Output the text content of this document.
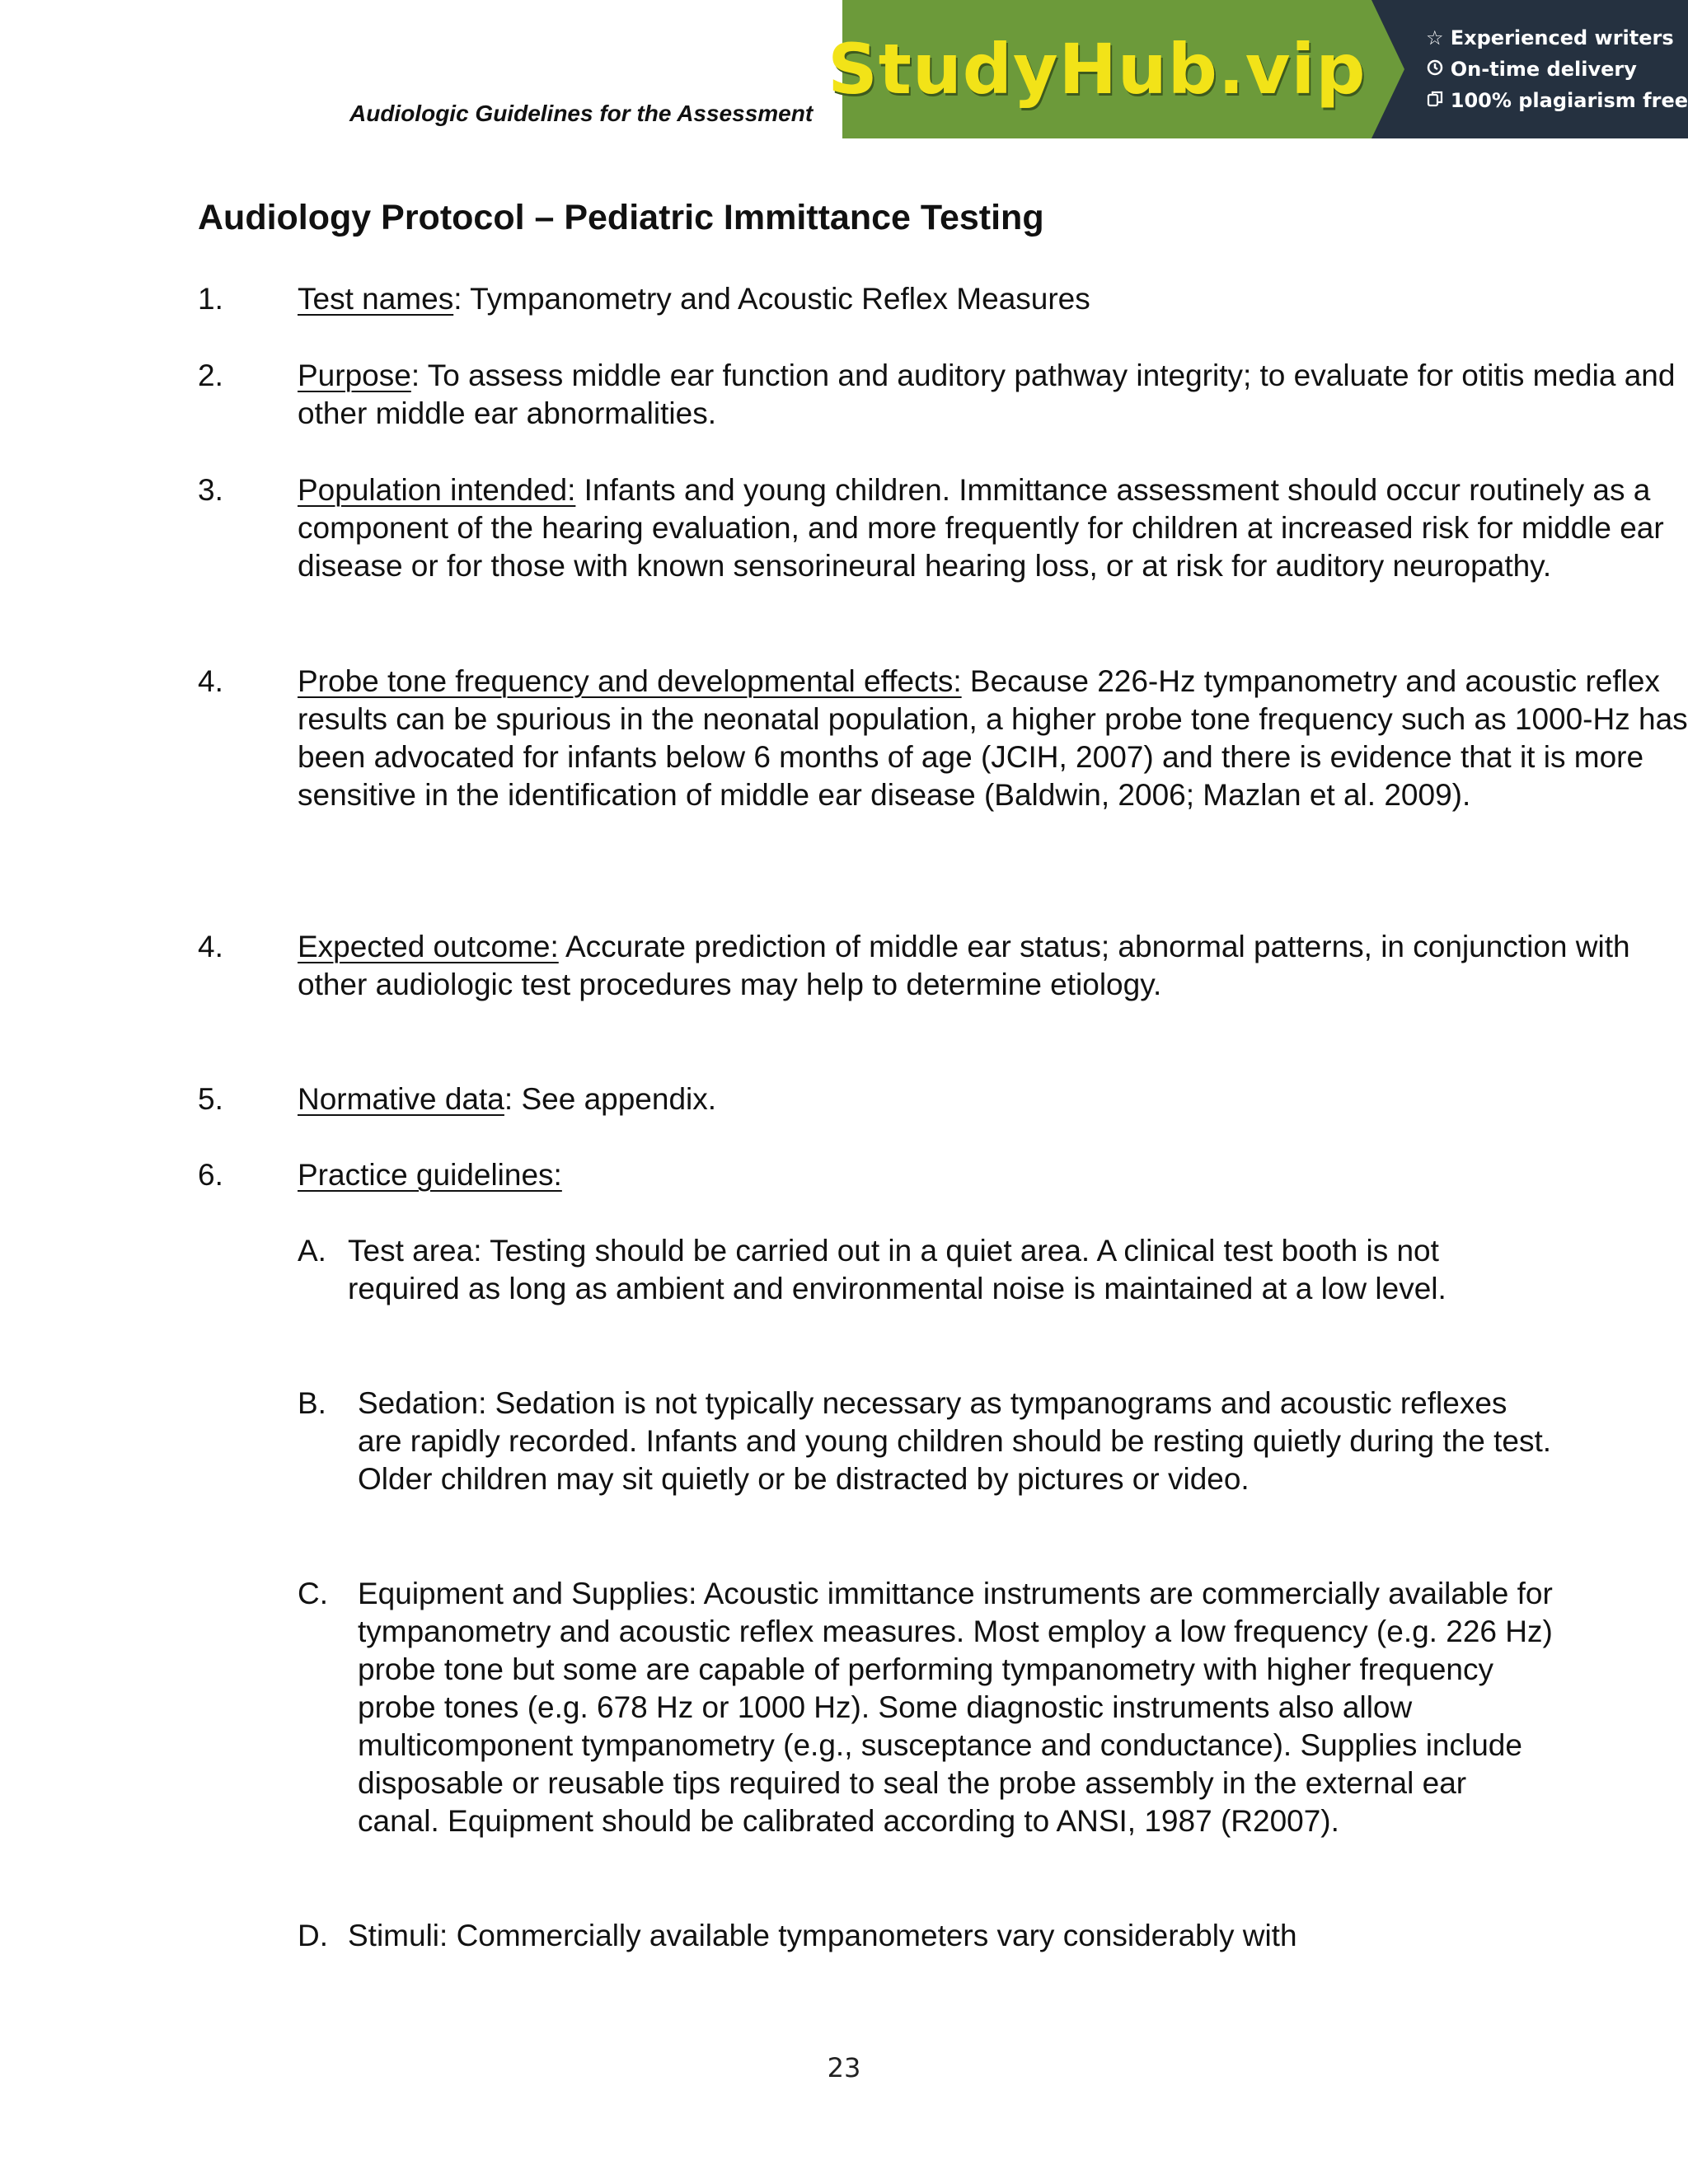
Audiologic Guidelines for the Assessment
StudyHub.vip	☆ Experienced writers
On-time delivery
100% plagiarism free
Audiology Protocol – Pediatric Immittance Testing
1. Test names: Tympanometry and Acoustic Reflex Measures
2. Purpose: To assess middle ear function and auditory pathway integrity; to evaluate for otitis media and other middle ear abnormalities.
3. Population intended: Infants and young children. Immittance assessment should occur routinely as a component of the hearing evaluation, and more frequently for children at increased risk for middle ear disease or for those with known sensorineural hearing loss, or at risk for auditory neuropathy.
4. Probe tone frequency and developmental effects: Because 226-Hz tympanometry and acoustic reflex results can be spurious in the neonatal population, a higher probe tone frequency such as 1000-Hz has been advocated for infants below 6 months of age (JCIH, 2007) and there is evidence that it is more sensitive in the identification of middle ear disease (Baldwin, 2006; Mazlan et al. 2009).
4. Expected outcome: Accurate prediction of middle ear status; abnormal patterns, in conjunction with other audiologic test procedures may help to determine etiology.
5. Normative data: See appendix.
6. Practice guidelines:
A. Test area: Testing should be carried out in a quiet area. A clinical test booth is not required as long as ambient and environmental noise is maintained at a low level.
B. Sedation: Sedation is not typically necessary as tympanograms and acoustic reflexes are rapidly recorded. Infants and young children should be resting quietly during the test. Older children may sit quietly or be distracted by pictures or video.
C. Equipment and Supplies: Acoustic immittance instruments are commercially available for tympanometry and acoustic reflex measures. Most employ a low frequency (e.g. 226 Hz) probe tone but some are capable of performing tympanometry with higher frequency probe tones (e.g. 678 Hz or 1000 Hz). Some diagnostic instruments also allow multicomponent tympanometry (e.g., susceptance and conductance). Supplies include disposable or reusable tips required to seal the probe assembly in the external ear canal. Equipment should be calibrated according to ANSI, 1987 (R2007).
D. Stimuli: Commercially available tympanometers vary considerably with
23
